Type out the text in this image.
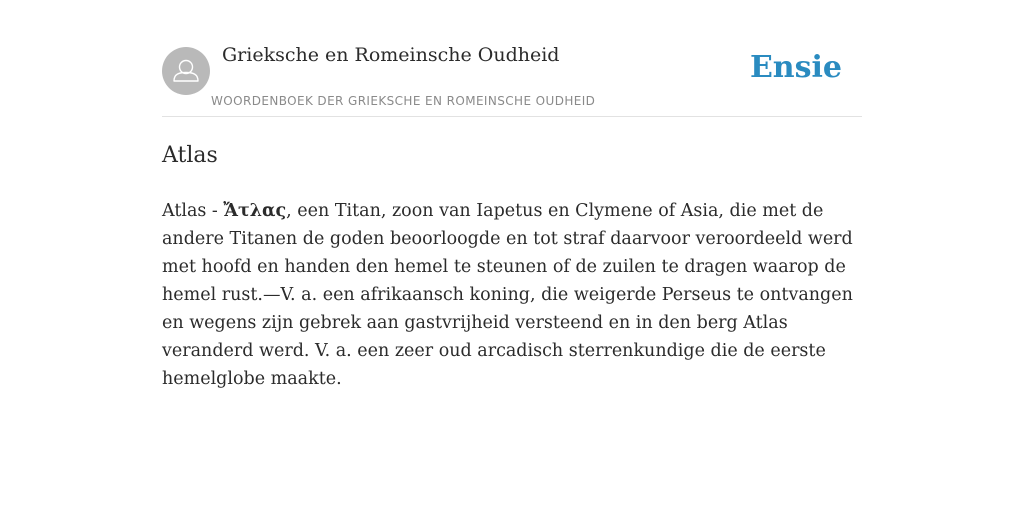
Grieksche en Romeinsche Oudheid
WOORDENBOEK DER GRIEKSCHE EN ROMEINSCHE OUDHEID
Ensie
Atlas

Atlas - Ἄτλας, een Titan, zoon van Iapetus en Clymene of Asia, die met de andere Titanen de goden beoorloogde en tot straf daarvoor veroordeeld werd met hoofd en handen den hemel te steunen of de zuilen te dragen waarop de hemel rust.—V. a. een afrikaansch koning, die weigerde Perseus te ontvangen en wegens zijn gebrek aan gastvrijheid versteend en in den berg Atlas veranderd werd. V. a. een zeer oud arcadisch sterrenkundige die de eerste hemelglobe maakte.
